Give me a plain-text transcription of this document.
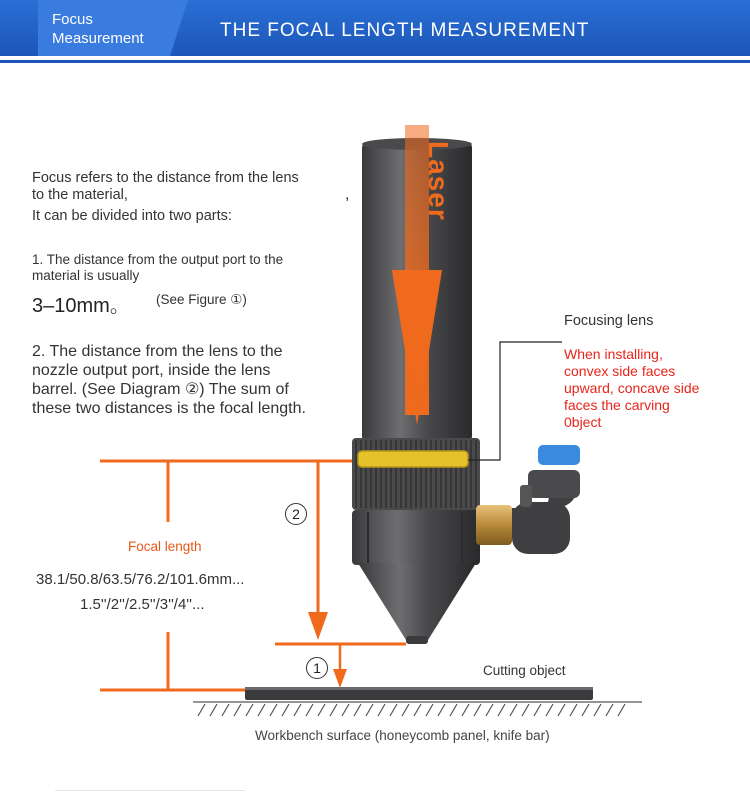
Focus
Measurement	THE FOCAL LENGTH MEASUREMENT
Laser
Focus refers to the distance from the lens
to the material,
It can be divided into two parts:
,
1. The distance from the output port to the
material is usually
3–10mm。 (See Figure ①)
2. The distance from the lens to the
nozzle output port, inside the lens
barrel. (See Diagram ②) The sum of
these two distances is the focal length.
Focusing lens
When installing,
convex side faces
upward, concave side
faces the carving
0bject
Focal length
38.1/50.8/63.5/76.2/101.6mm...
1.5''/2''/2.5''/3''/4''...
2
1	Cutting object
Workbench surface (honeycomb panel, knife bar)
